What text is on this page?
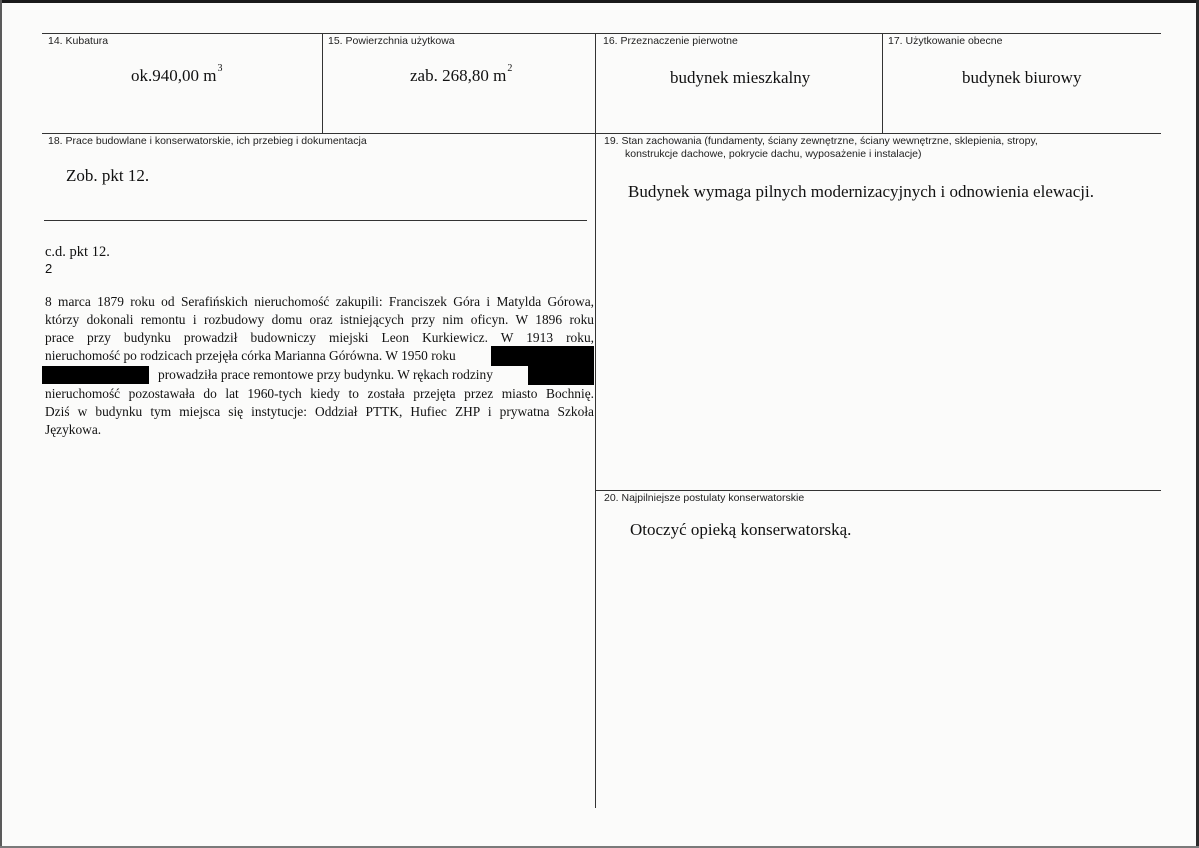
14. Kubatura
ok.940,00 $m^3$
15. Powierzchnia użytkowa
zab. 268,80 $m^2$
16. Przeznaczenie pierwotne
budynek mieszkalny
17. Użytkowanie obecne
budynek biurowy
18. Prace budowlane i konserwatorskie, ich przebieg i dokumentacja
Zob. pkt 12.
19. Stan zachowania (fundamenty, ściany zewnętrzne, ściany wewnętrzne, sklepienia, stropy,
konstrukcje dachowe, pokrycie dachu, wyposażenie i instalacje)
Budynek wymaga pilnych modernizacyjnych i odnowienia elewacji.
20. Najpilniejsze postulaty konserwatorskie
Otoczyć opieką konserwatorską.
c.d. pkt 12.
2
8 marca 1879 roku od Serafińskich nieruchomość zakupili: Franciszek Góra i Matylda Górowa,
którzy dokonali remontu i rozbudowy domu oraz istniejących przy nim oficyn. W 1896 roku
prace przy budynku prowadził budowniczy miejski Leon Kurkiewicz. W 1913 roku,
nieruchomość po rodzicach przejęła córka Marianna Górówna. W 1950 roku
prowadziła prace remontowe przy budynku. W rękach rodziny
nieruchomość pozostawała do lat 1960-tych kiedy to została przejęta przez miasto Bochnię.
Dziś w budynku tym miejsca się instytucje: Oddział PTTK, Hufiec ZHP i prywatna Szkoła
Językowa.
